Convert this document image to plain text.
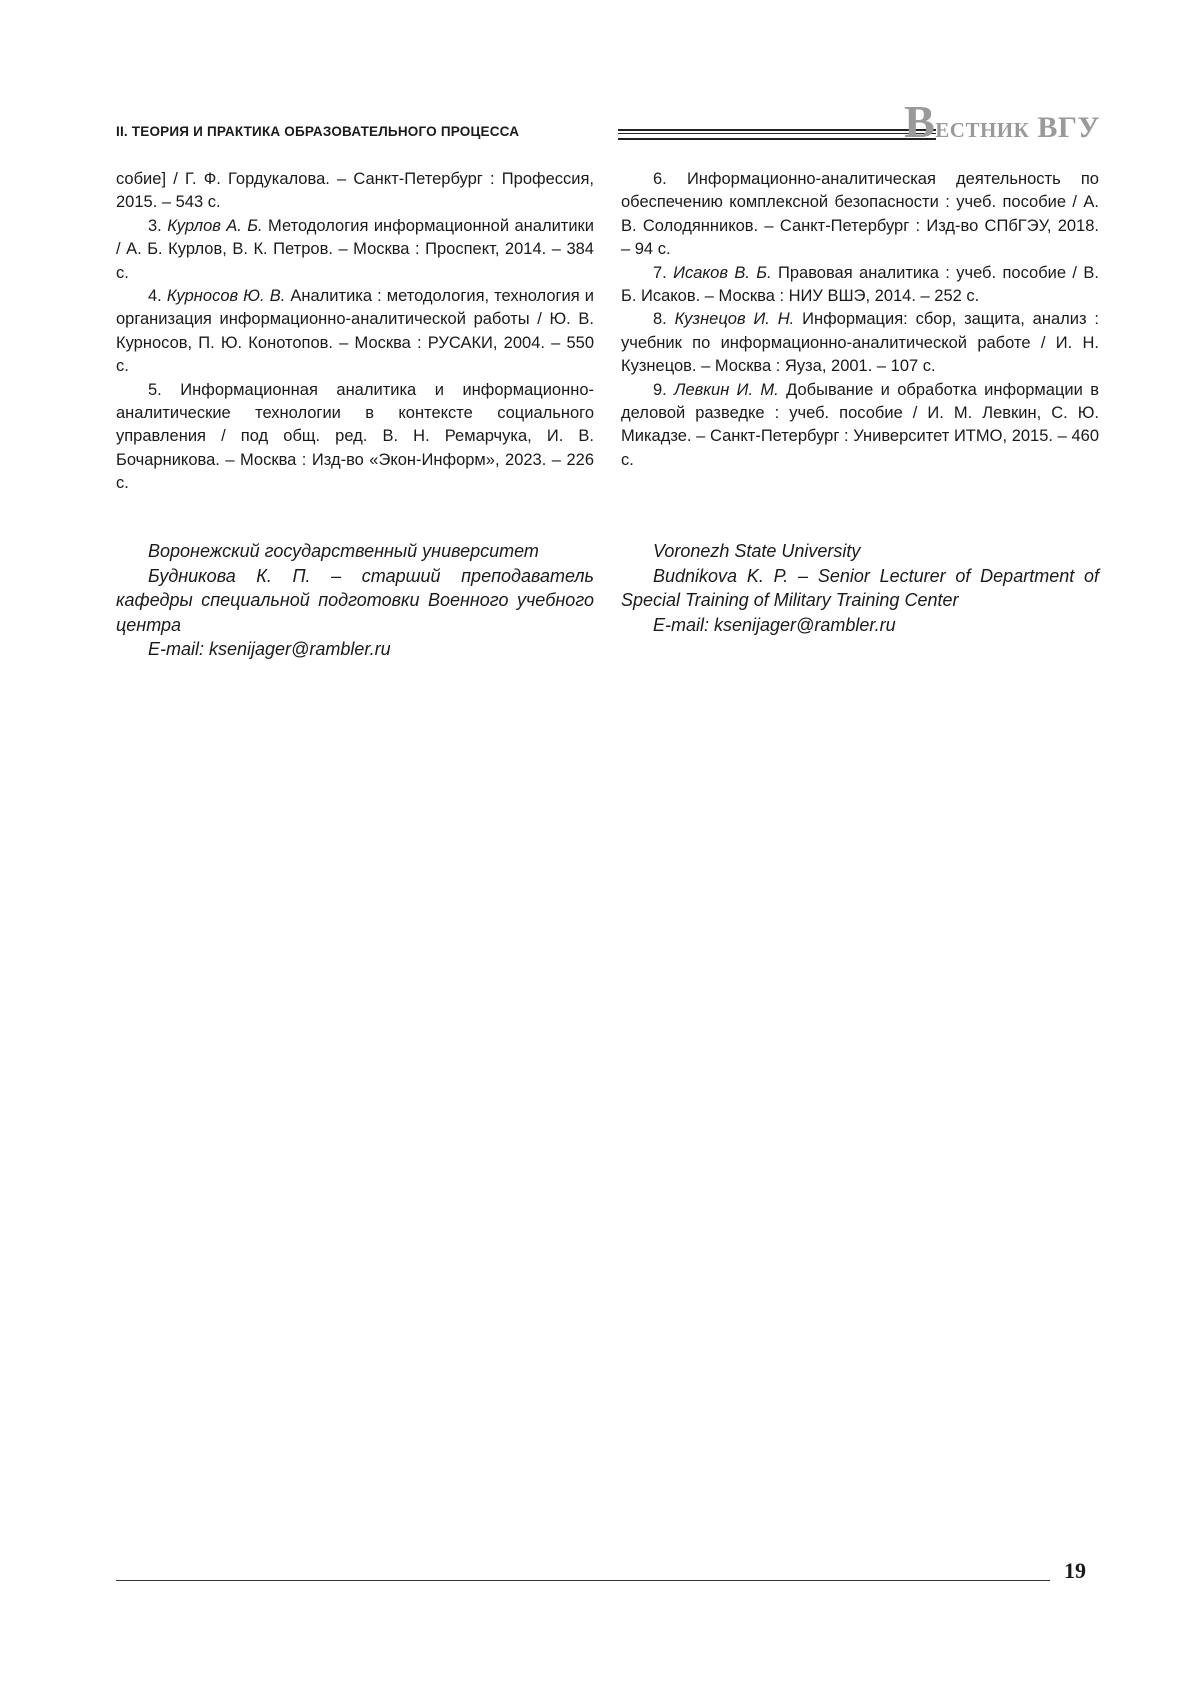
II. ТЕОРИЯ И ПРАКТИКА ОБРАЗОВАТЕЛЬНОГО ПРОЦЕССА	Вестник ВГУ

собие] / Г. Ф. Гордукалова. – Санкт-Петербург : Профессия, 2015. – 543 с.

3. Курлов А. Б. Методология информационной аналитики / А. Б. Курлов, В. К. Петров. – Москва : Проспект, 2014. – 384 с.

4. Курносов Ю. В. Аналитика : методология, технология и организация информационно-аналитической работы / Ю. В. Курносов, П. Ю. Конотопов. – Москва : РУСАКИ, 2004. – 550 с.

5. Информационная аналитика и информационно-аналитические технологии в контексте социального управления / под общ. ред. В. Н. Ремарчука, И. В. Бочарникова. – Москва : Изд-во «Экон-Информ», 2023. – 226 с.

6. Информационно-аналитическая деятельность по обеспечению комплексной безопасности : учеб. пособие / А. В. Солодянников. – Санкт-Петербург : Изд-во СПбГЭУ, 2018. – 94 с.

7. Исаков В. Б. Правовая аналитика : учеб. пособие / В. Б. Исаков. – Москва : НИУ ВШЭ, 2014. – 252 с.

8. Кузнецов И. Н. Информация: сбор, защита, анализ : учебник по информационно-аналитической работе / И. Н. Кузнецов. – Москва : Яуза, 2001. – 107 с.

9. Левкин И. М. Добывание и обработка информации в деловой разведке : учеб. пособие / И. М. Левкин, С. Ю. Микадзе. – Санкт-Петербург : Университет ИТМО, 2015. – 460 с.

Воронежский государственный университет

Будникова К. П. – старший преподаватель кафедры специальной подготовки Военного учебного центра

E-mail: ksenijager@rambler.ru

Voronezh State University

Budnikova K. P. – Senior Lecturer of Department of Special Training of Military Training Center

E-mail: ksenijager@rambler.ru

19
